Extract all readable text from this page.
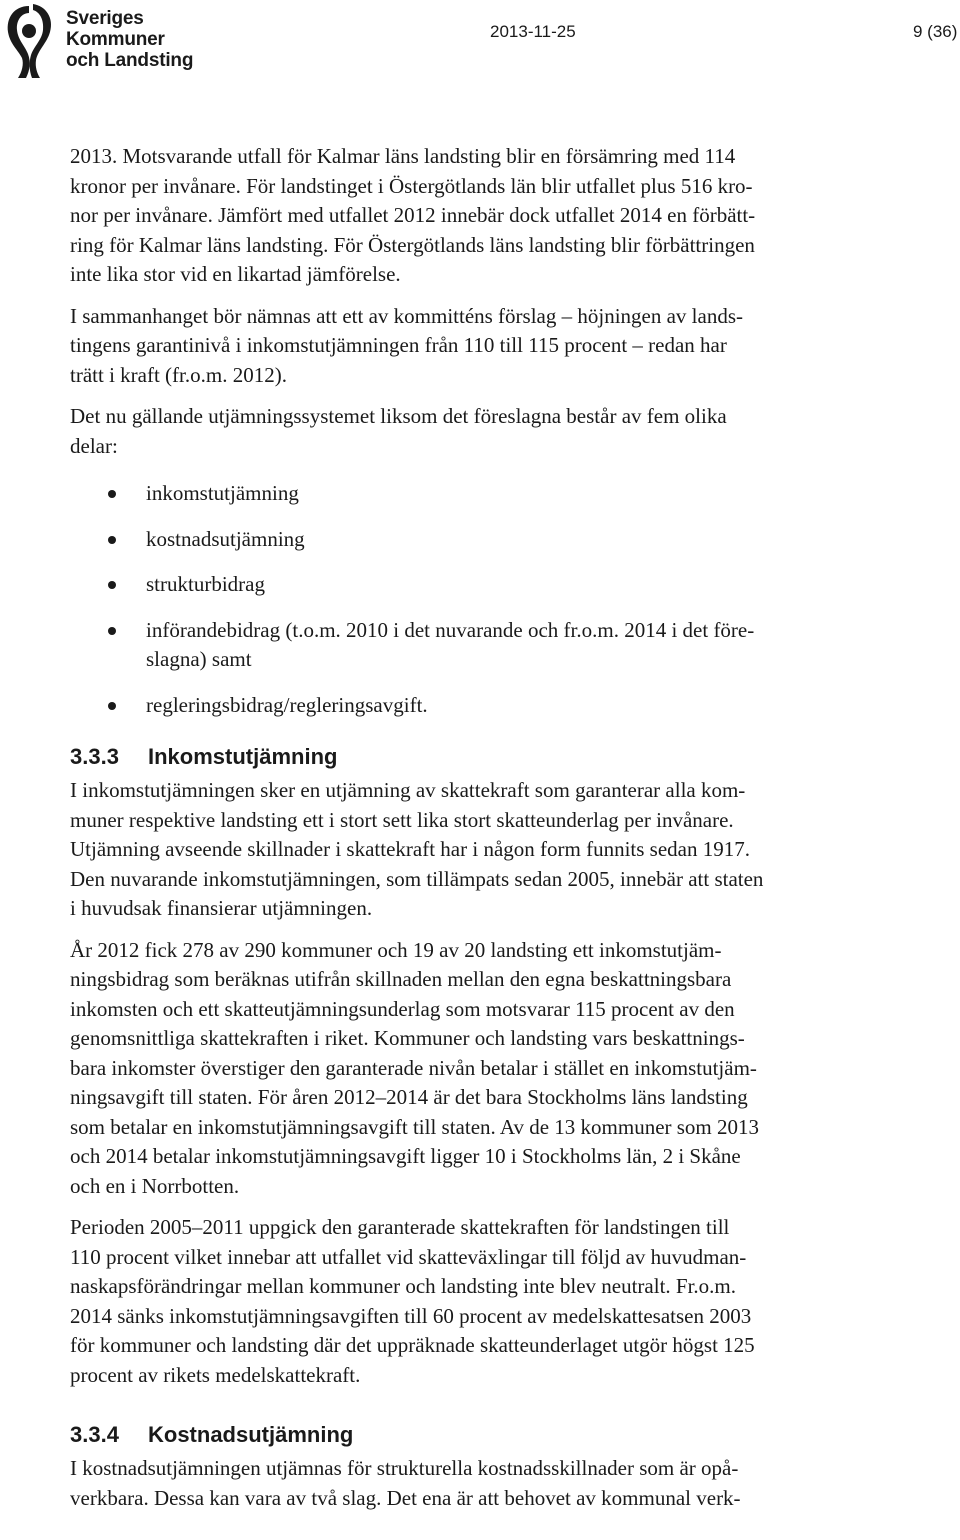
Sveriges
Kommuner
och Landsting
2013-11-25	9 (36)

2013. Motsvarande utfall för Kalmar läns landsting blir en försämring med 114
kronor per invånare. För landstinget i Östergötlands län blir utfallet plus 516 kro-
nor per invånare. Jämfört med utfallet 2012 innebär dock utfallet 2014 en förbätt-
ring för Kalmar läns landsting. För Östergötlands läns landsting blir förbättringen
inte lika stor vid en likartad jämförelse.

I sammanhanget bör nämnas att ett av kommitténs förslag – höjningen av lands-
tingens garantinivå i inkomstutjämningen från 110 till 115 procent – redan har
trätt i kraft (fr.o.m. 2012).

Det nu gällande utjämningssystemet liksom det föreslagna består av fem olika
delar:

inkomstutjämning
kostnadsutjämning
strukturbidrag
införandebidrag (t.o.m. 2010 i det nuvarande och fr.o.m. 2014 i det före-
slagna) samt
regleringsbidrag/regleringsavgift.
3.3.3 Inkomstutjämning

I inkomstutjämningen sker en utjämning av skattekraft som garanterar alla kom-
muner respektive landsting ett i stort sett lika stort skatteunderlag per invånare.
Utjämning avseende skillnader i skattekraft har i någon form funnits sedan 1917.
Den nuvarande inkomstutjämningen, som tillämpats sedan 2005, innebär att staten
i huvudsak finansierar utjämningen.

År 2012 fick 278 av 290 kommuner och 19 av 20 landsting ett inkomstutjäm-
ningsbidrag som beräknas utifrån skillnaden mellan den egna beskattningsbara
inkomsten och ett skatteutjämningsunderlag som motsvarar 115 procent av den
genomsnittliga skattekraften i riket. Kommuner och landsting vars beskattnings-
bara inkomster överstiger den garanterade nivån betalar i stället en inkomstutjäm-
ningsavgift till staten. För åren 2012–2014 är det bara Stockholms läns landsting
som betalar en inkomstutjämningsavgift till staten. Av de 13 kommuner som 2013
och 2014 betalar inkomstutjämningsavgift ligger 10 i Stockholms län, 2 i Skåne
och en i Norrbotten.

Perioden 2005–2011 uppgick den garanterade skattekraften för landstingen till
110 procent vilket innebar att utfallet vid skatteväxlingar till följd av huvudman-
naskapsförändringar mellan kommuner och landsting inte blev neutralt. Fr.o.m.
2014 sänks inkomstutjämningsavgiften till 60 procent av medelskattesatsen 2003
för kommuner och landsting där det uppräknade skatteunderlaget utgör högst 125
procent av rikets medelskattekraft.

3.3.4 Kostnadsutjämning

I kostnadsutjämningen utjämnas för strukturella kostnadsskillnader som är opå-
verkbara. Dessa kan vara av två slag. Det ena är att behovet av kommunal verk-
